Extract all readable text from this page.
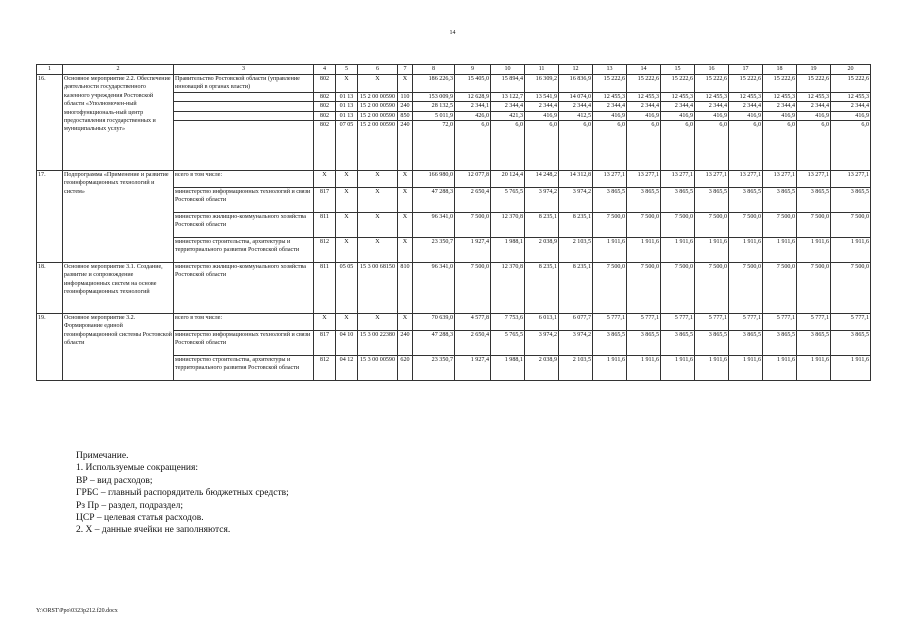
14
1	2	3	4	5	6	7	8	9	10	11	12	13	14	15	16	17	18	19	20
16.	Основное мероприятие 2.2. Обеспечение деятельности государственного казенного учреждения Ростовской области «Уполномочен-ный многофункциональ-ный центр предоставления государственных и муниципальных услуг»	Правительство Ростовской области (управление инноваций в органах власти)	802	Х	Х	Х	186 226,3	15 405,0	15 894,4	16 309,2	16 836,9	15 222,6	15 222,6	15 222,6	15 222,6	15 222,6	15 222,6	15 222,6	15 222,6
			802	01 13	15 2 00 00590	110	153 009,9	12 628,9	13 122,7	13 541,9	14 074,0	12 455,3	12 455,3	12 455,3	12 455,3	12 455,3	12 455,3	12 455,3	12 455,3
			802	01 13	15 2 00 00590	240	28 132,5	2 344,1	2 344,4	2 344,4	2 344,4	2 344,4	2 344,4	2 344,4	2 344,4	2 344,4	2 344,4	2 344,4	2 344,4
			802	01 13	15 2 00 00590	850	5 011,9	426,0	421,3	416,9	412,5	416,9	416,9	416,9	416,9	416,9	416,9	416,9	416,9
			802	07 05	15 2 00 00590	240	72,0	6,0	6,0	6,0	6,0	6,0	6,0	6,0	6,0	6,0	6,0	6,0	6,0
17.	Подпрограмма «Применение и развитие геоинформационных технологий и систем»	всего в том числе:	Х	Х	Х	Х	166 980,0	12 077,8	20 124,4	14 248,2	14 312,8	13 277,1	13 277,1	13 277,1	13 277,1	13 277,1	13 277,1	13 277,1	13 277,1
		министерство информационных технологий и связи Ростовской области	817	Х	Х	Х	47 288,3	2 650,4	5 765,5	3 974,2	3 974,2	3 865,5	3 865,5	3 865,5	3 865,5	3 865,5	3 865,5	3 865,5	3 865,5
		министерство жилищно-коммунального хозяйства Ростовской области	811	Х	Х	Х	96 341,0	7 500,0	12 370,8	8 235,1	8 235,1	7 500,0	7 500,0	7 500,0	7 500,0	7 500,0	7 500,0	7 500,0	7 500,0
		министерство строительства, архитектуры и территориального развития Ростовской области	812	Х	Х	Х	23 350,7	1 927,4	1 988,1	2 038,9	2 103,5	1 911,6	1 911,6	1 911,6	1 911,6	1 911,6	1 911,6	1 911,6	1 911,6
18.	Основное мероприятие 3.1. Создание, развитие и сопровождение информационных систем на основе геоинформационных технологий	министерство жилищно-коммунального хозяйства Ростовской области	811	05 05	15 3 00 68150	810	96 341,0	7 500,0	12 370,8	8 235,1	8 235,1	7 500,0	7 500,0	7 500,0	7 500,0	7 500,0	7 500,0	7 500,0	7 500,0
19.	Основное мероприятие 3.2. Формирование единой геоинформационной системы Ростовской области	всего в том числе:	Х	Х	Х	Х	70 639,0	4 577,8	7 753,6	6 013,1	6 077,7	5 777,1	5 777,1	5 777,1	5 777,1	5 777,1	5 777,1	5 777,1	5 777,1
		министерство информационных технологий и связи Ростовской области	817	04 10	15 3 00 22380	240	47 288,3	2 650,4	5 765,5	3 974,2	3 974,2	3 865,5	3 865,5	3 865,5	3 865,5	3 865,5	3 865,5	3 865,5	3 865,5
		министерство строительства, архитектуры и территориального развития Ростовской области	812	04 12	15 3 00 00590	620	23 350,7	1 927,4	1 988,1	2 038,9	2 103,5	1 911,6	1 911,6	1 911,6	1 911,6	1 911,6	1 911,6	1 911,6	1 911,6
Примечание.
1. Используемые сокращения:
ВР – вид расходов;
ГРБС – главный распорядитель бюджетных средств;
Рз Пр – раздел, подраздел;
ЦСР – целевая статья расходов.
2. Х – данные ячейки не заполняются.
Y:\ORST\Ppo\0323p212.f20.docx
